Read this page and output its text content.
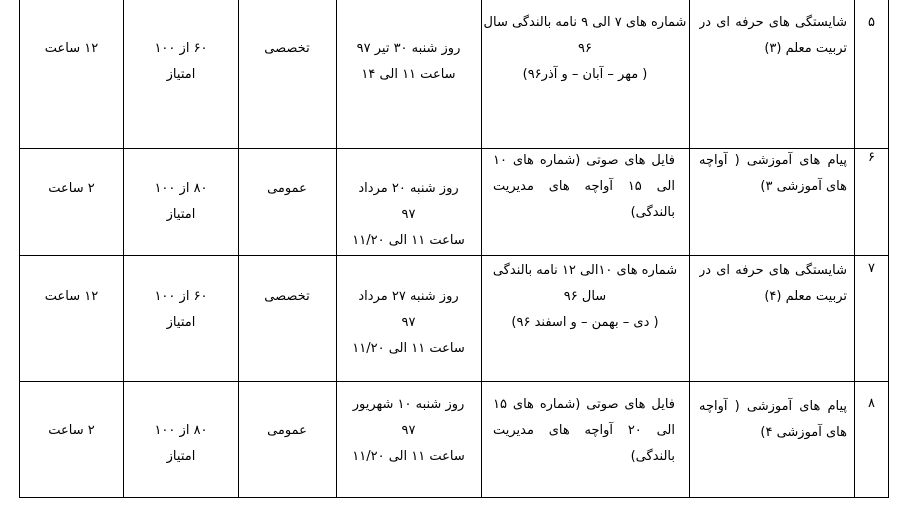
۵
شایستگی های حرفه ای در تربیت معلم (۳)
شماره های ۷ الی ۹ نامه بالندگی سال ۹۶
( مهر – آبان – و آذر۹۶)
روز شنبه ۳۰ تیر ۹۷
ساعت ۱۱ الی ۱۴
تخصصی
۶۰ از ۱۰۰
امتیاز
۱۲ ساعت
۶
پیام های آموزشی ( آواچه های آموزشی ۳)
فایل های صوتی (شماره های ۱۰ الی ۱۵ آواچه های مدیریت بالندگی)
روز شنبه ۲۰ مرداد
۹۷
ساعت ۱۱ الی ۱۱/۲۰
عمومی
۸۰ از ۱۰۰
امتیاز
۲ ساعت
۷
شایستگی های حرفه ای در تربیت معلم (۴)
شماره های ۱۰الی ۱۲ نامه بالندگی سال ۹۶
( دی – بهمن – و اسفند ۹۶)
روز شنبه ۲۷ مرداد
۹۷
ساعت ۱۱ الی ۱۱/۲۰
تخصصی
۶۰ از ۱۰۰
امتیاز
۱۲ ساعت
۸
پیام های آموزشی ( آواچه های آموزشی ۴)
فایل های صوتی (شماره های ۱۵ الی ۲۰ آواچه های مدیریت بالندگی)
روز شنبه ۱۰ شهریور
۹۷
ساعت ۱۱ الی ۱۱/۲۰
عمومی
۸۰ از ۱۰۰
امتیاز
۲ ساعت
